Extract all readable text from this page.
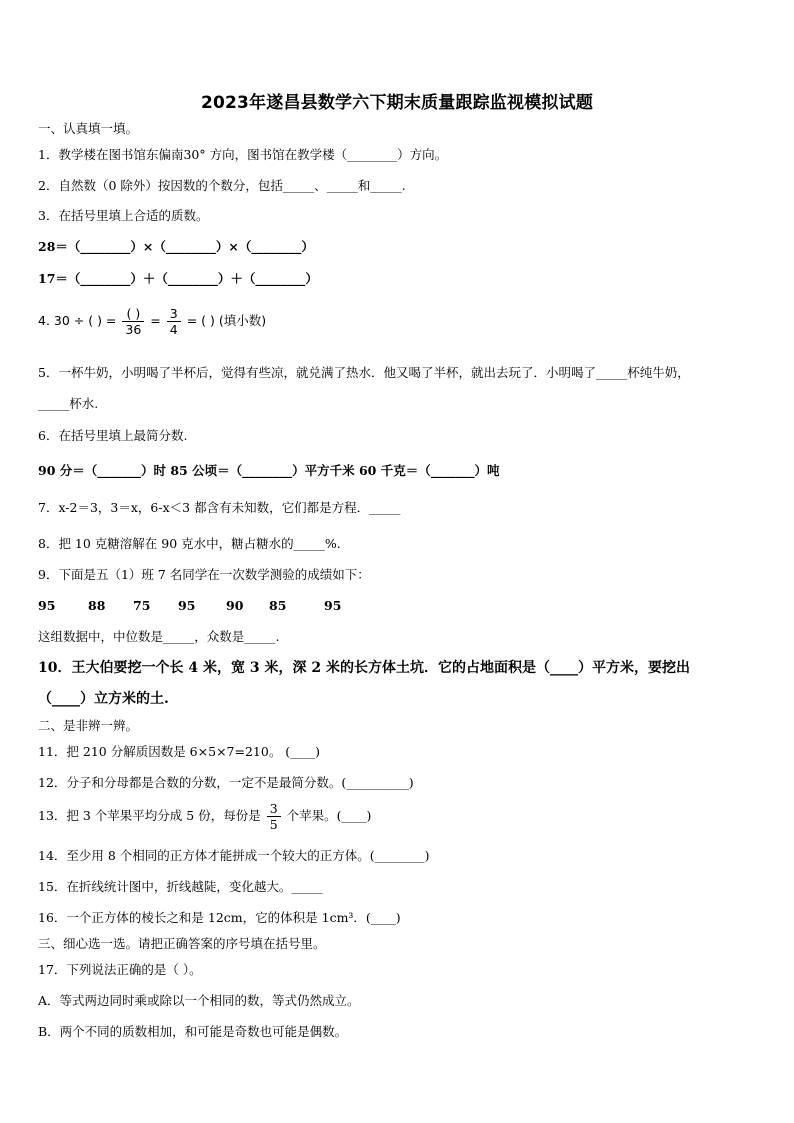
2023年遂昌县数学六下期末质量跟踪监视模拟试题
一、认真填一填。
1．教学楼在图书馆东偏南30° 方向，图书馆在教学楼（________）方向。
2．自然数（0 除外）按因数的个数分，包括_____、_____和_____.
3．在括号里填上合适的质数。
28＝（________）×（________）×（________）
17＝（________）＋（________）＋（________）
4. 30 ÷ ( ) = $\frac{( )}{36} = \frac{3}{4}$ = ( ) (填小数)
5．一杯牛奶，小明喝了半杯后，觉得有些凉，就兑满了热水．他又喝了半杯，就出去玩了．小明喝了_____杯纯牛奶，
_____杯水.
6．在括号里填上最简分数.
90 分＝（_______）时 85 公顷＝（________）平方千米 60 千克＝（_______）吨
7．x-2＝3，3＝x，6-x＜3 都含有未知数，它们都是方程．_____
8．把 10 克糖溶解在 90 克水中，糖占糖水的_____%.
9．下面是五（1）班 7 名同学在一次数学测验的成绩如下：
95	88 75 95 90 85	95
这组数据中，中位数是_____，众数是_____.
10．王大伯要挖一个长 4 米，宽 3 米，深 2 米的长方体土坑．它的占地面积是（____）平方米，要挖出
（____）立方米的土.
二、是非辨一辨。
11．把 210 分解质因数是 6×5×7=210。 (____)
12．分子和分母都是合数的分数，一定不是最简分数。(__________)
13．把 3 个苹果平均分成 5 份，每份是 $\frac{3}{5}$ 个苹果。(____)
14．至少用 8 个相同的正方体才能拼成一个较大的正方体。(________)
15．在折线统计图中，折线越陡，变化越大。_____
16．一个正方体的棱长之和是 12cm，它的体积是 1cm³．(____)
三、细心选一选。请把正确答案的序号填在括号里。
17．下列说法正确的是（ ）。
A．等式两边同时乘或除以一个相同的数，等式仍然成立。
B．两个不同的质数相加，和可能是奇数也可能是偶数。
